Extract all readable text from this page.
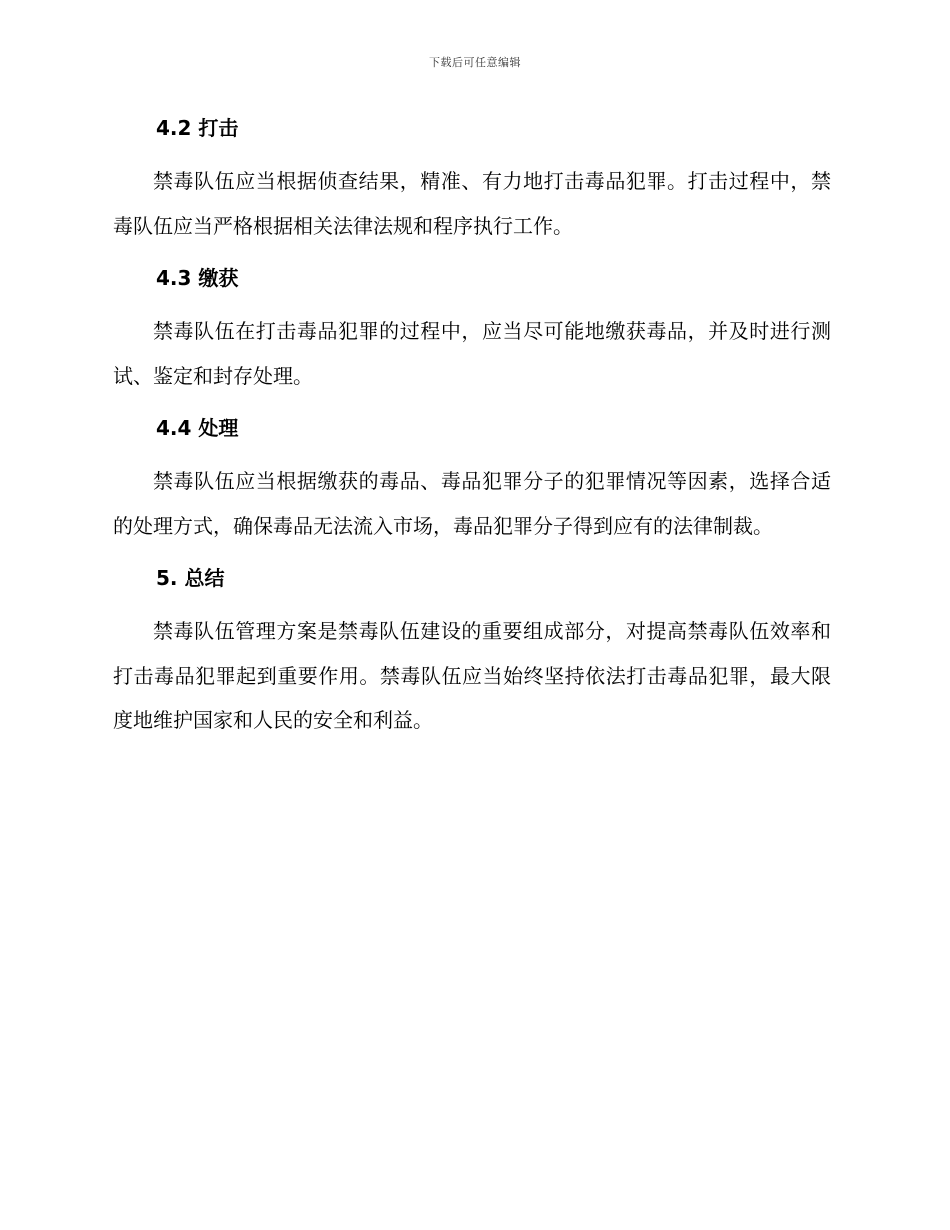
下载后可任意编辑
4.2 打击

禁毒队伍应当根据侦查结果，精准、有力地打击毒品犯罪。打击过程中，禁毒队伍应当严格根据相关法律法规和程序执行工作。

4.3 缴获

禁毒队伍在打击毒品犯罪的过程中，应当尽可能地缴获毒品，并及时进行测试、鉴定和封存处理。

4.4 处理

禁毒队伍应当根据缴获的毒品、毒品犯罪分子的犯罪情况等因素，选择合适的处理方式，确保毒品无法流入市场，毒品犯罪分子得到应有的法律制裁。

5. 总结

禁毒队伍管理方案是禁毒队伍建设的重要组成部分，对提高禁毒队伍效率和打击毒品犯罪起到重要作用。禁毒队伍应当始终坚持依法打击毒品犯罪，最大限度地维护国家和人民的安全和利益。
